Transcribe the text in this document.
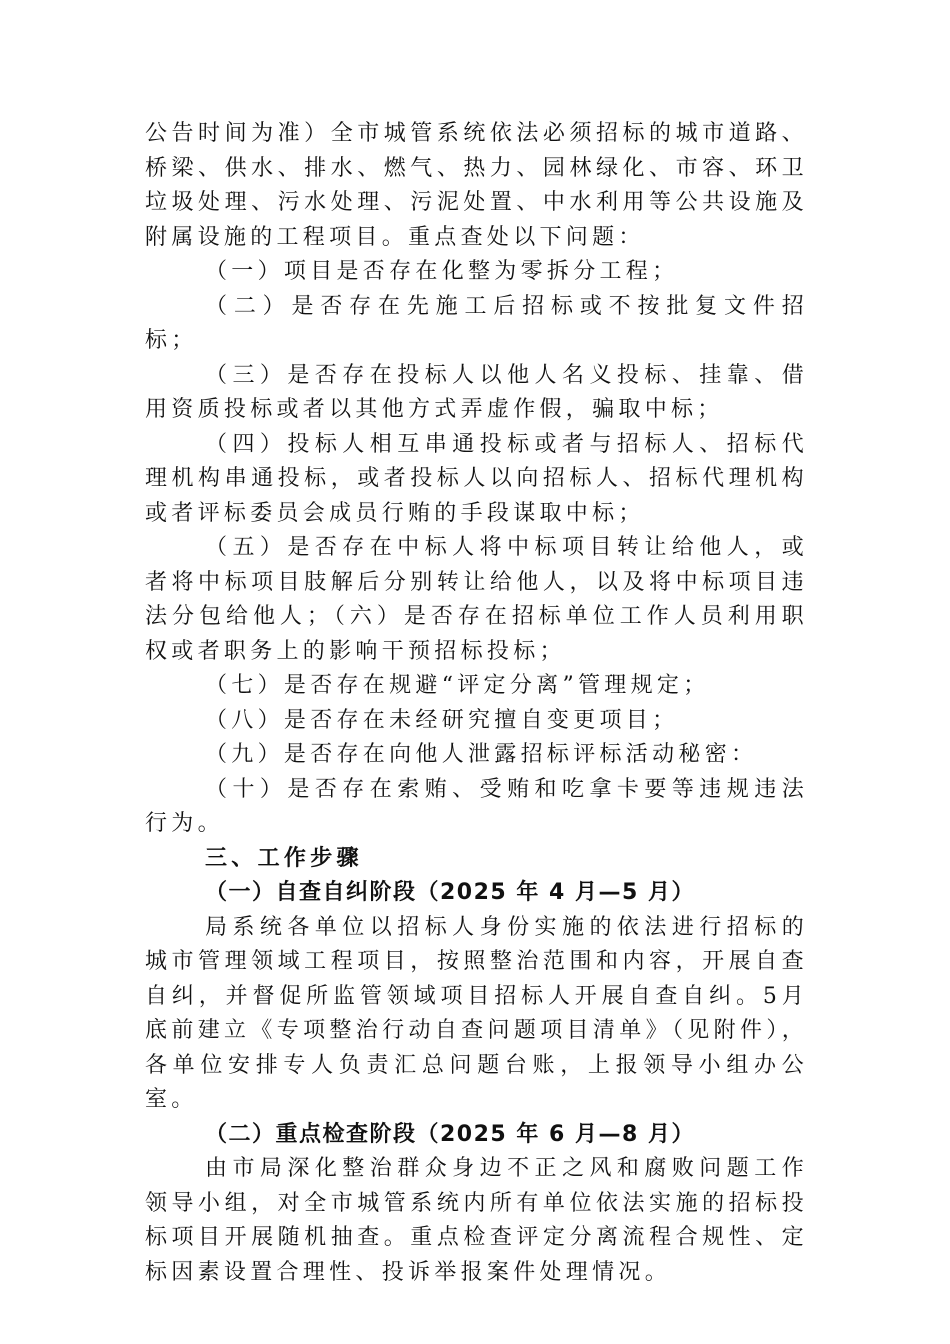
公告时间为准）全市城管系统依法必须招标的城市道路、桥梁、供水、排水、燃气、热力、园林绿化、市容、环卫垃圾处理、污水处理、污泥处置、中水利用等公共设施及附属设施的工程项目。重点查处以下问题：

（一）项目是否存在化整为零拆分工程；

（二）是否存在先施工后招标或不按批复文件招标；

（三）是否存在投标人以他人名义投标、挂靠、借用资质投标或者以其他方式弄虚作假，骗取中标；

（四）投标人相互串通投标或者与招标人、招标代理机构串通投标，或者投标人以向招标人、招标代理机构或者评标委员会成员行贿的手段谋取中标；

（五）是否存在中标人将中标项目转让给他人，或者将中标项目肢解后分别转让给他人，以及将中标项目违法分包给他人；（六）是否存在招标单位工作人员利用职权或者职务上的影响干预招标投标；

（七）是否存在规避“评定分离”管理规定；

（八）是否存在未经研究擅自变更项目；

（九）是否存在向他人泄露招标评标活动秘密：

（十）是否存在索贿、受贿和吃拿卡要等违规违法行为。

三、工作步骤

（一）自查自纠阶段（2025 年 4 月—5 月）

局系统各单位以招标人身份实施的依法进行招标的城市管理领域工程项目，按照整治范围和内容，开展自查自纠，并督促所监管领域项目招标人开展自查自纠。5月底前建立《专项整治行动自查问题项目清单》（见附件），各单位安排专人负责汇总问题台账，上报领导小组办公室。

（二）重点检查阶段（2025 年 6 月—8 月）

由市局深化整治群众身边不正之风和腐败问题工作领导小组，对全市城管系统内所有单位依法实施的招标投标项目开展随机抽查。重点检查评定分离流程合规性、定标因素设置合理性、投诉举报案件处理情况。
